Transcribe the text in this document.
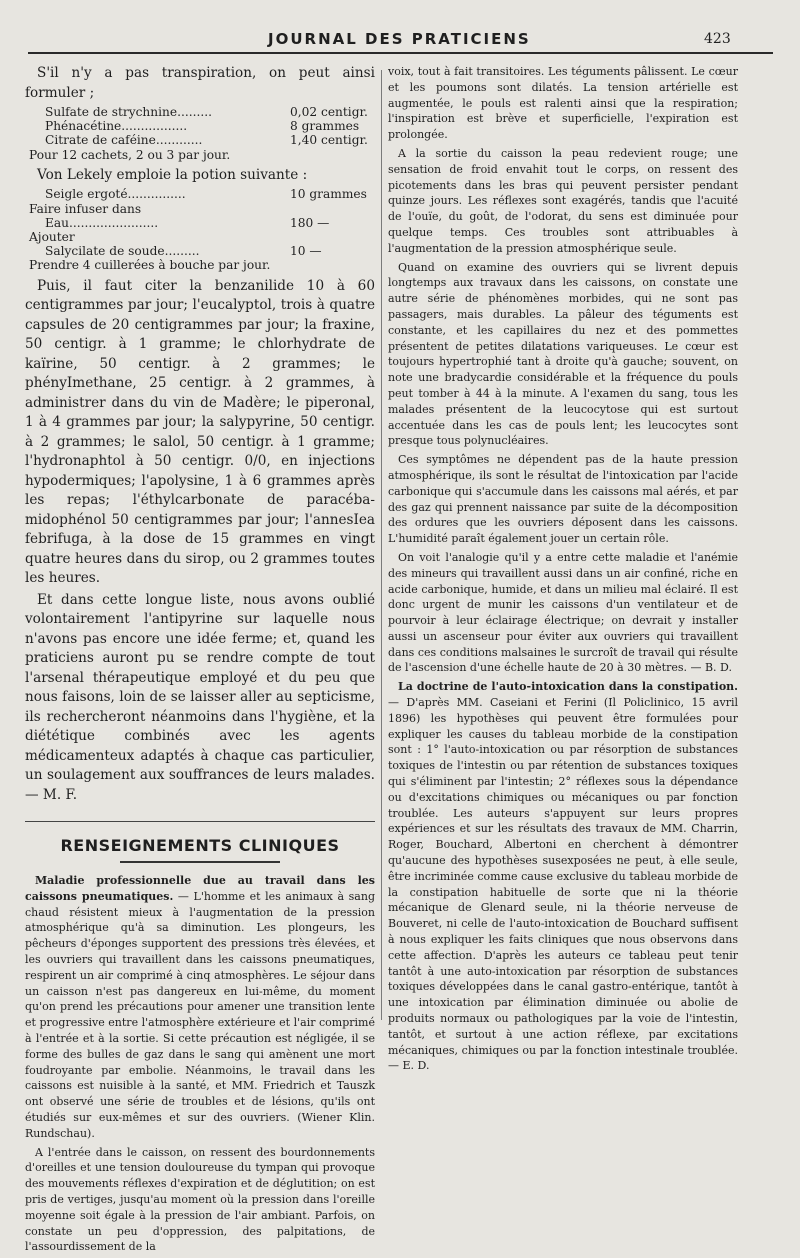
JOURNAL DES PRATICIENS	423

S'il n'y a pas transpiration, on peut ainsi formuler ;

Sulfate de strychnine.........	0,02 centigr.
Phénacétine.................	8 grammes
Citrate de caféine............	1,40 centigr.
Pour 12 cachets, 2 ou 3 par jour.

Von Lekely emploie la potion suivante :

Seigle ergoté...............	10 grammes
Faire infuser dans
Eau.......................	180 —
Ajouter
Salycilate de soude.........	10 —
Prendre 4 cuillerées à bouche par jour.

Puis, il faut citer la benzanilide 10 à 60 centigrammes par jour; l'eucalyptol, trois à quatre capsules de 20 centigrammes par jour; la fraxine, 50 centigr. à 1 gramme; le chlorhydrate de kaïrine, 50 centigr. à 2 grammes; le phényImethane, 25 centigr. à 2 grammes, à administrer dans du vin de Madère; le piperonal, 1 à 4 grammes par jour; la salypyrine, 50 centigr. à 2 grammes; le salol, 50 centigr. à 1 gramme; l'hydronaphtol à 50 centigr. 0/0, en injections hypodermiques; l'apolysine, 1 à 6 grammes après les repas; l'éthylcarbonate de paracéba-midophénol 50 centigrammes par jour; l'annesIea febrifuga, à la dose de 15 grammes en vingt quatre heures dans du sirop, ou 2 grammes toutes les heures.

Et dans cette longue liste, nous avons oublié volontairement l'antipyrine sur laquelle nous n'avons pas encore une idée ferme; et, quand les praticiens auront pu se rendre compte de tout l'arsenal thérapeutique employé et du peu que nous faisons, loin de se laisser aller au septicisme, ils rechercheront néanmoins dans l'hygiène, et la diététique combinés avec les agents médicamenteux adaptés à chaque cas particulier, un soulagement aux souffrances de leurs malades. — M. F.

RENSEIGNEMENTS CLINIQUES

Maladie professionnelle due au travail dans les caissons pneumatiques. — L'homme et les animaux à sang chaud résistent mieux à l'augmentation de la pression atmosphérique qu'à sa diminution. Les plongeurs, les pêcheurs d'éponges supportent des pressions très élevées, et les ouvriers qui travaillent dans les caissons pneumatiques, respirent un air comprimé à cinq atmosphères. Le séjour dans un caisson n'est pas dangereux en lui-même, du moment qu'on prend les précautions pour amener une transition lente et progressive entre l'atmosphère extérieure et l'air comprimé à l'entrée et à la sortie. Si cette précaution est négligée, il se forme des bulles de gaz dans le sang qui amènent une mort foudroyante par embolie. Néanmoins, le travail dans les caissons est nuisible à la santé, et MM. Friedrich et Tauszk ont observé une série de troubles et de lésions, qu'ils ont étudiés sur eux-mêmes et sur des ouvriers. (Wiener Klin. Rundschau).

A l'entrée dans le caisson, on ressent des bourdonnements d'oreilles et une tension douloureuse du tympan qui provoque des mouvements réflexes d'expiration et de déglutition; on est pris de vertiges, jusqu'au moment où la pression dans l'oreille moyenne soit égale à la pression de l'air ambiant. Parfois, on constate un peu d'oppression, des palpitations, de l'assourdissement de la

voix, tout à fait transitoires. Les téguments pâlissent. Le cœur et les poumons sont dilatés. La tension artérielle est augmentée, le pouls est ralenti ainsi que la respiration; l'inspiration est brève et superficielle, l'expiration est prolongée.

A la sortie du caisson la peau redevient rouge; une sensation de froid envahit tout le corps, on ressent des picotements dans les bras qui peuvent persister pendant quinze jours. Les réflexes sont exagérés, tandis que l'acuité de l'ouïe, du goût, de l'odorat, du sens est diminuée pour quelque temps. Ces troubles sont attribuables à l'augmentation de la pression atmosphérique seule.

Quand on examine des ouvriers qui se livrent depuis longtemps aux travaux dans les caissons, on constate une autre série de phénomènes morbides, qui ne sont pas passagers, mais durables. La pâleur des téguments est constante, et les capillaires du nez et des pommettes présentent de petites dilatations variqueuses. Le cœur est toujours hypertrophié tant à droite qu'à gauche; souvent, on note une bradycardie considérable et la fréquence du pouls peut tomber à 44 à la minute. A l'examen du sang, tous les malades présentent de la leucocytose qui est surtout accentuée dans les cas de pouls lent; les leucocytes sont presque tous polynucléaires.

Ces symptômes ne dépendent pas de la haute pression atmosphérique, ils sont le résultat de l'intoxication par l'acide carbonique qui s'accumule dans les caissons mal aérés, et par des gaz qui prennent naissance par suite de la décomposition des ordures que les ouvriers déposent dans les caissons. L'humidité paraît également jouer un certain rôle.

On voit l'analogie qu'il y a entre cette maladie et l'anémie des mineurs qui travaillent aussi dans un air confiné, riche en acide carbonique, humide, et dans un milieu mal éclairé. Il est donc urgent de munir les caissons d'un ventilateur et de pourvoir à leur éclairage électrique; on devrait y installer aussi un ascenseur pour éviter aux ouvriers qui travaillent dans ces conditions malsaines le surcroît de travail qui résulte de l'ascension d'une échelle haute de 20 à 30 mètres. — B. D.

La doctrine de l'auto-intoxication dans la constipation. — D'après MM. Caseiani et Ferini (Il Policlinico, 15 avril 1896) les hypothèses qui peuvent être formulées pour expliquer les causes du tableau morbide de la constipation sont : 1° l'auto-intoxication ou par résorption de substances toxiques de l'intestin ou par rétention de substances toxiques qui s'éliminent par l'intestin; 2° réflexes sous la dépendance ou d'excitations chimiques ou mécaniques ou par fonction troublée. Les auteurs s'appuyent sur leurs propres expériences et sur les résultats des travaux de MM. Charrin, Roger, Bouchard, Albertoni en cherchent à démontrer qu'aucune des hypothèses susexposées ne peut, à elle seule, être incriminée comme cause exclusive du tableau morbide de la constipation habituelle de sorte que ni la théorie mécanique de Glenard seule, ni la théorie nerveuse de Bouveret, ni celle de l'auto-intoxication de Bouchard suffisent à nous expliquer les faits cliniques que nous observons dans cette affection. D'après les auteurs ce tableau peut tenir tantôt à une auto-intoxication par résorption de substances toxiques développées dans le canal gastro-entérique, tantôt à une intoxication par élimination diminuée ou abolie de produits normaux ou pathologiques par la voie de l'intestin, tantôt, et surtout à une action réflexe, par excitations mécaniques, chimiques ou par la fonction intestinale troublée. — E. D.
